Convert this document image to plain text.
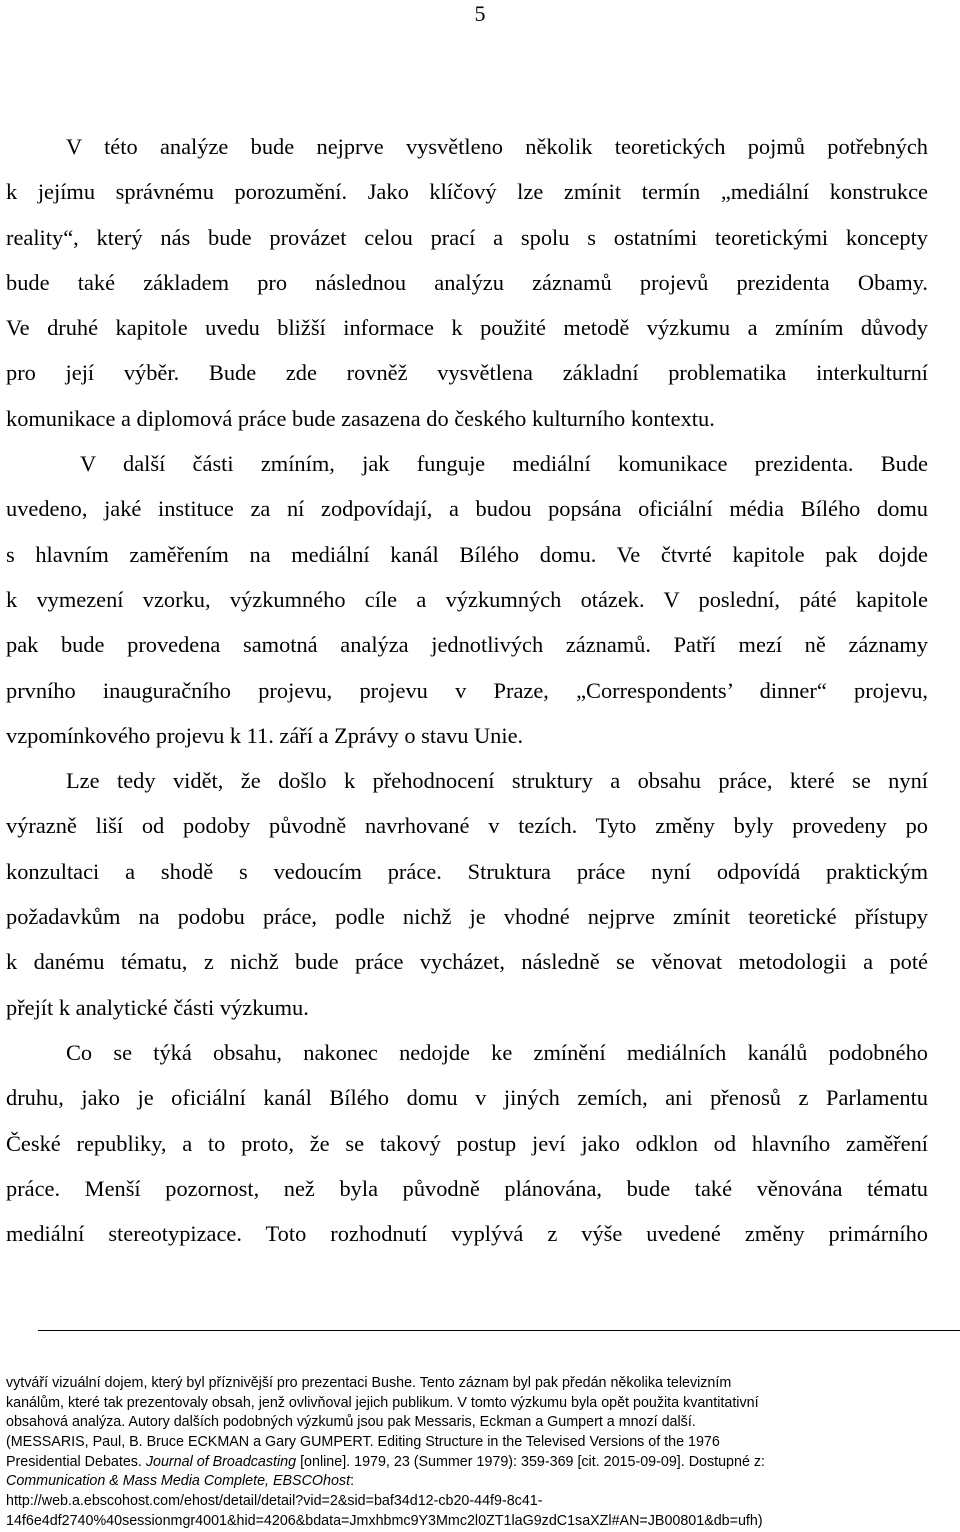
5
V této analýze bude nejprve vysvětleno několik teoretických pojmů potřebných
k jejímu správnému porozumění. Jako klíčový lze zmínit termín „mediální konstrukce
reality“, který nás bude provázet celou prací a spolu s ostatními teoretickými koncepty
bude také základem pro následnou analýzu záznamů projevů prezidenta Obamy.
Ve druhé kapitole uvedu bližší informace k použité metodě výzkumu a zmíním důvody
pro její výběr. Bude zde rovněž vysvětlena základní problematika interkulturní
komunikace a diplomová práce bude zasazena do českého kulturního kontextu.
V další části zmíním, jak funguje mediální komunikace prezidenta. Bude
uvedeno, jaké instituce za ní zodpovídají, a budou popsána oficiální média Bílého domu
s hlavním zaměřením na mediální kanál Bílého domu. Ve čtvrté kapitole pak dojde
k vymezení vzorku, výzkumného cíle a výzkumných otázek. V poslední, páté kapitole
pak bude provedena samotná analýza jednotlivých záznamů. Patří mezí ně záznamy
prvního inauguračního projevu, projevu v Praze, „Correspondents’ dinner“ projevu,
vzpomínkového projevu k 11. září a Zprávy o stavu Unie.
Lze tedy vidět, že došlo k přehodnocení struktury a obsahu práce, které se nyní
výrazně liší od podoby původně navrhované v tezích. Tyto změny byly provedeny po
konzultaci a shodě s vedoucím práce. Struktura práce nyní odpovídá praktickým
požadavkům na podobu práce, podle nichž je vhodné nejprve zmínit teoretické přístupy
k danému tématu, z nichž bude práce vycházet, následně se věnovat metodologii a poté
přejít k analytické části výzkumu.
Co se týká obsahu, nakonec nedojde ke zmínění mediálních kanálů podobného
druhu, jako je oficiální kanál Bílého domu v jiných zemích, ani přenosů z Parlamentu
České republiky, a to proto, že se takový postup jeví jako odklon od hlavního zaměření
práce. Menší pozornost, než byla původně plánována, bude také věnována tématu
mediální stereotypizace. Toto rozhodnutí vyplývá z výše uvedené změny primárního
vytváří vizuální dojem, který byl příznivější pro prezentaci Bushe. Tento záznam byl pak předán několika televizním
kanálům, které tak prezentovaly obsah, jenž ovlivňoval jejich publikum. V tomto výzkumu byla opět použita kvantitativní
obsahová analýza. Autory dalších podobných výzkumů jsou pak Messaris, Eckman a Gumpert a mnozí další.
(MESSARIS, Paul, B. Bruce ECKMAN a Gary GUMPERT. Editing Structure in the Televised Versions of the 1976
Presidential Debates. Journal of Broadcasting [online]. 1979, 23 (Summer 1979): 359-369 [cit. 2015-09-09]. Dostupné z:
Communication & Mass Media Complete, EBSCOhost:
http://web.a.ebscohost.com/ehost/detail/detail?vid=2&sid=baf34d12-cb20-44f9-8c41-
14f6e4df2740%40sessionmgr4001&hid=4206&bdata=Jmxhbmc9Y3Mmc2l0ZT1laG9zdC1saXZl#AN=JB00801&db=ufh)
